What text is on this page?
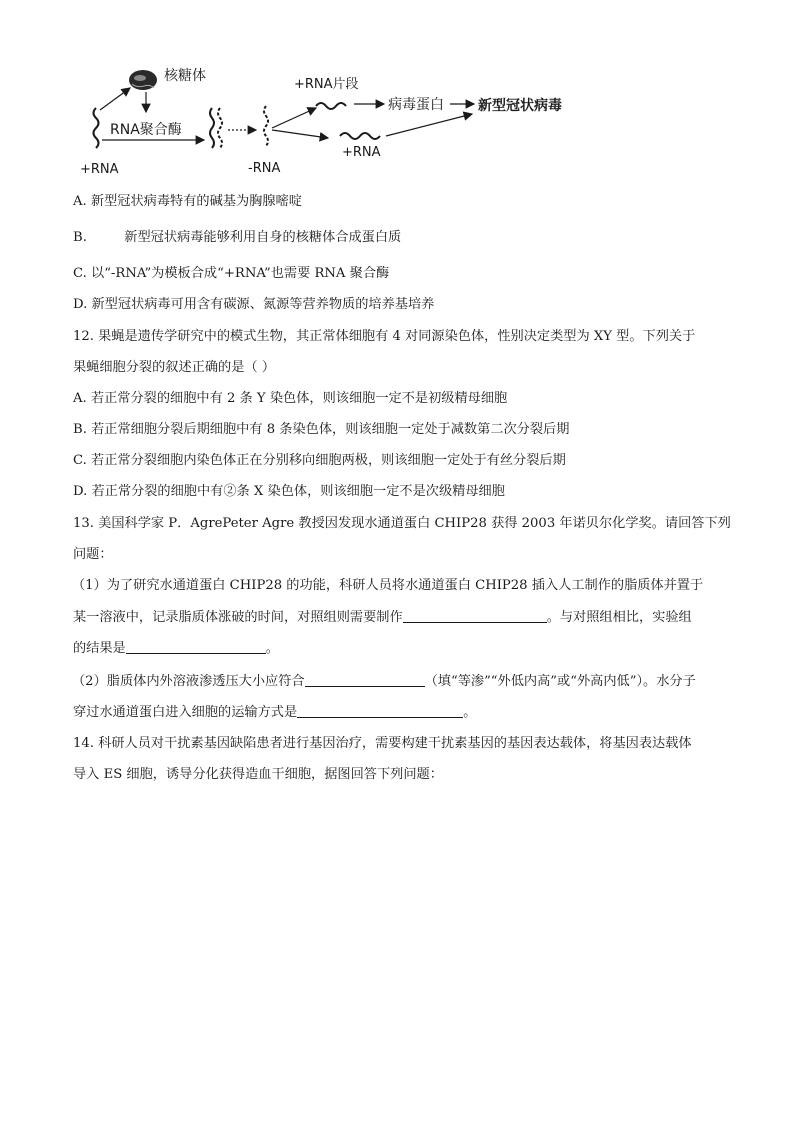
核糖体
+RNA
RNA聚合酶
-RNA
+RNA片段
病毒蛋白 新型冠状病毒
+RNA
A. 新型冠状病毒特有的碱基为胸腺嘧啶
B.	新型冠状病毒能够利用自身的核糖体合成蛋白质
C. 以“-RNA”为模板合成“+RNA”也需要 RNA 聚合酶
D. 新型冠状病毒可用含有碳源、氮源等营养物质的培养基培养
12. 果蝇是遗传学研究中的模式生物，其正常体细胞有 4 对同源染色体，性别决定类型为 XY 型。下列关于
果蝇细胞分裂的叙述正确的是（ ）
A. 若正常分裂的细胞中有 2 条 Y 染色体，则该细胞一定不是初级精母细胞
B. 若正常细胞分裂后期细胞中有 8 条染色体，则该细胞一定处于减数第二次分裂后期
C. 若正常分裂细胞内染色体正在分别移向细胞两极，则该细胞一定处于有丝分裂后期
D. 若正常分裂的细胞中有②条 X 染色体，则该细胞一定不是次级精母细胞
13. 美国科学家 P．AgrePeter Agre 教授因发现水通道蛋白 CHIP28 获得 2003 年诺贝尔化学奖。请回答下列
问题：
（1）为了研究水通道蛋白 CHIP28 的功能，科研人员将水通道蛋白 CHIP28 插入人工制作的脂质体并置于
某一溶液中，记录脂质体涨破的时间，对照组则需要制作	。与对照组相比，实验组
的结果是	。
（2）脂质体内外溶液渗透压大小应符合	（填“等渗”“外低内高”或“外高内低”）。水分子
穿过水通道蛋白进入细胞的运输方式是	。
14. 科研人员对干扰素基因缺陷患者进行基因治疗，需要构建干扰素基因的基因表达载体，将基因表达载体
导入 ES 细胞，诱导分化获得造血干细胞，据图回答下列问题：
